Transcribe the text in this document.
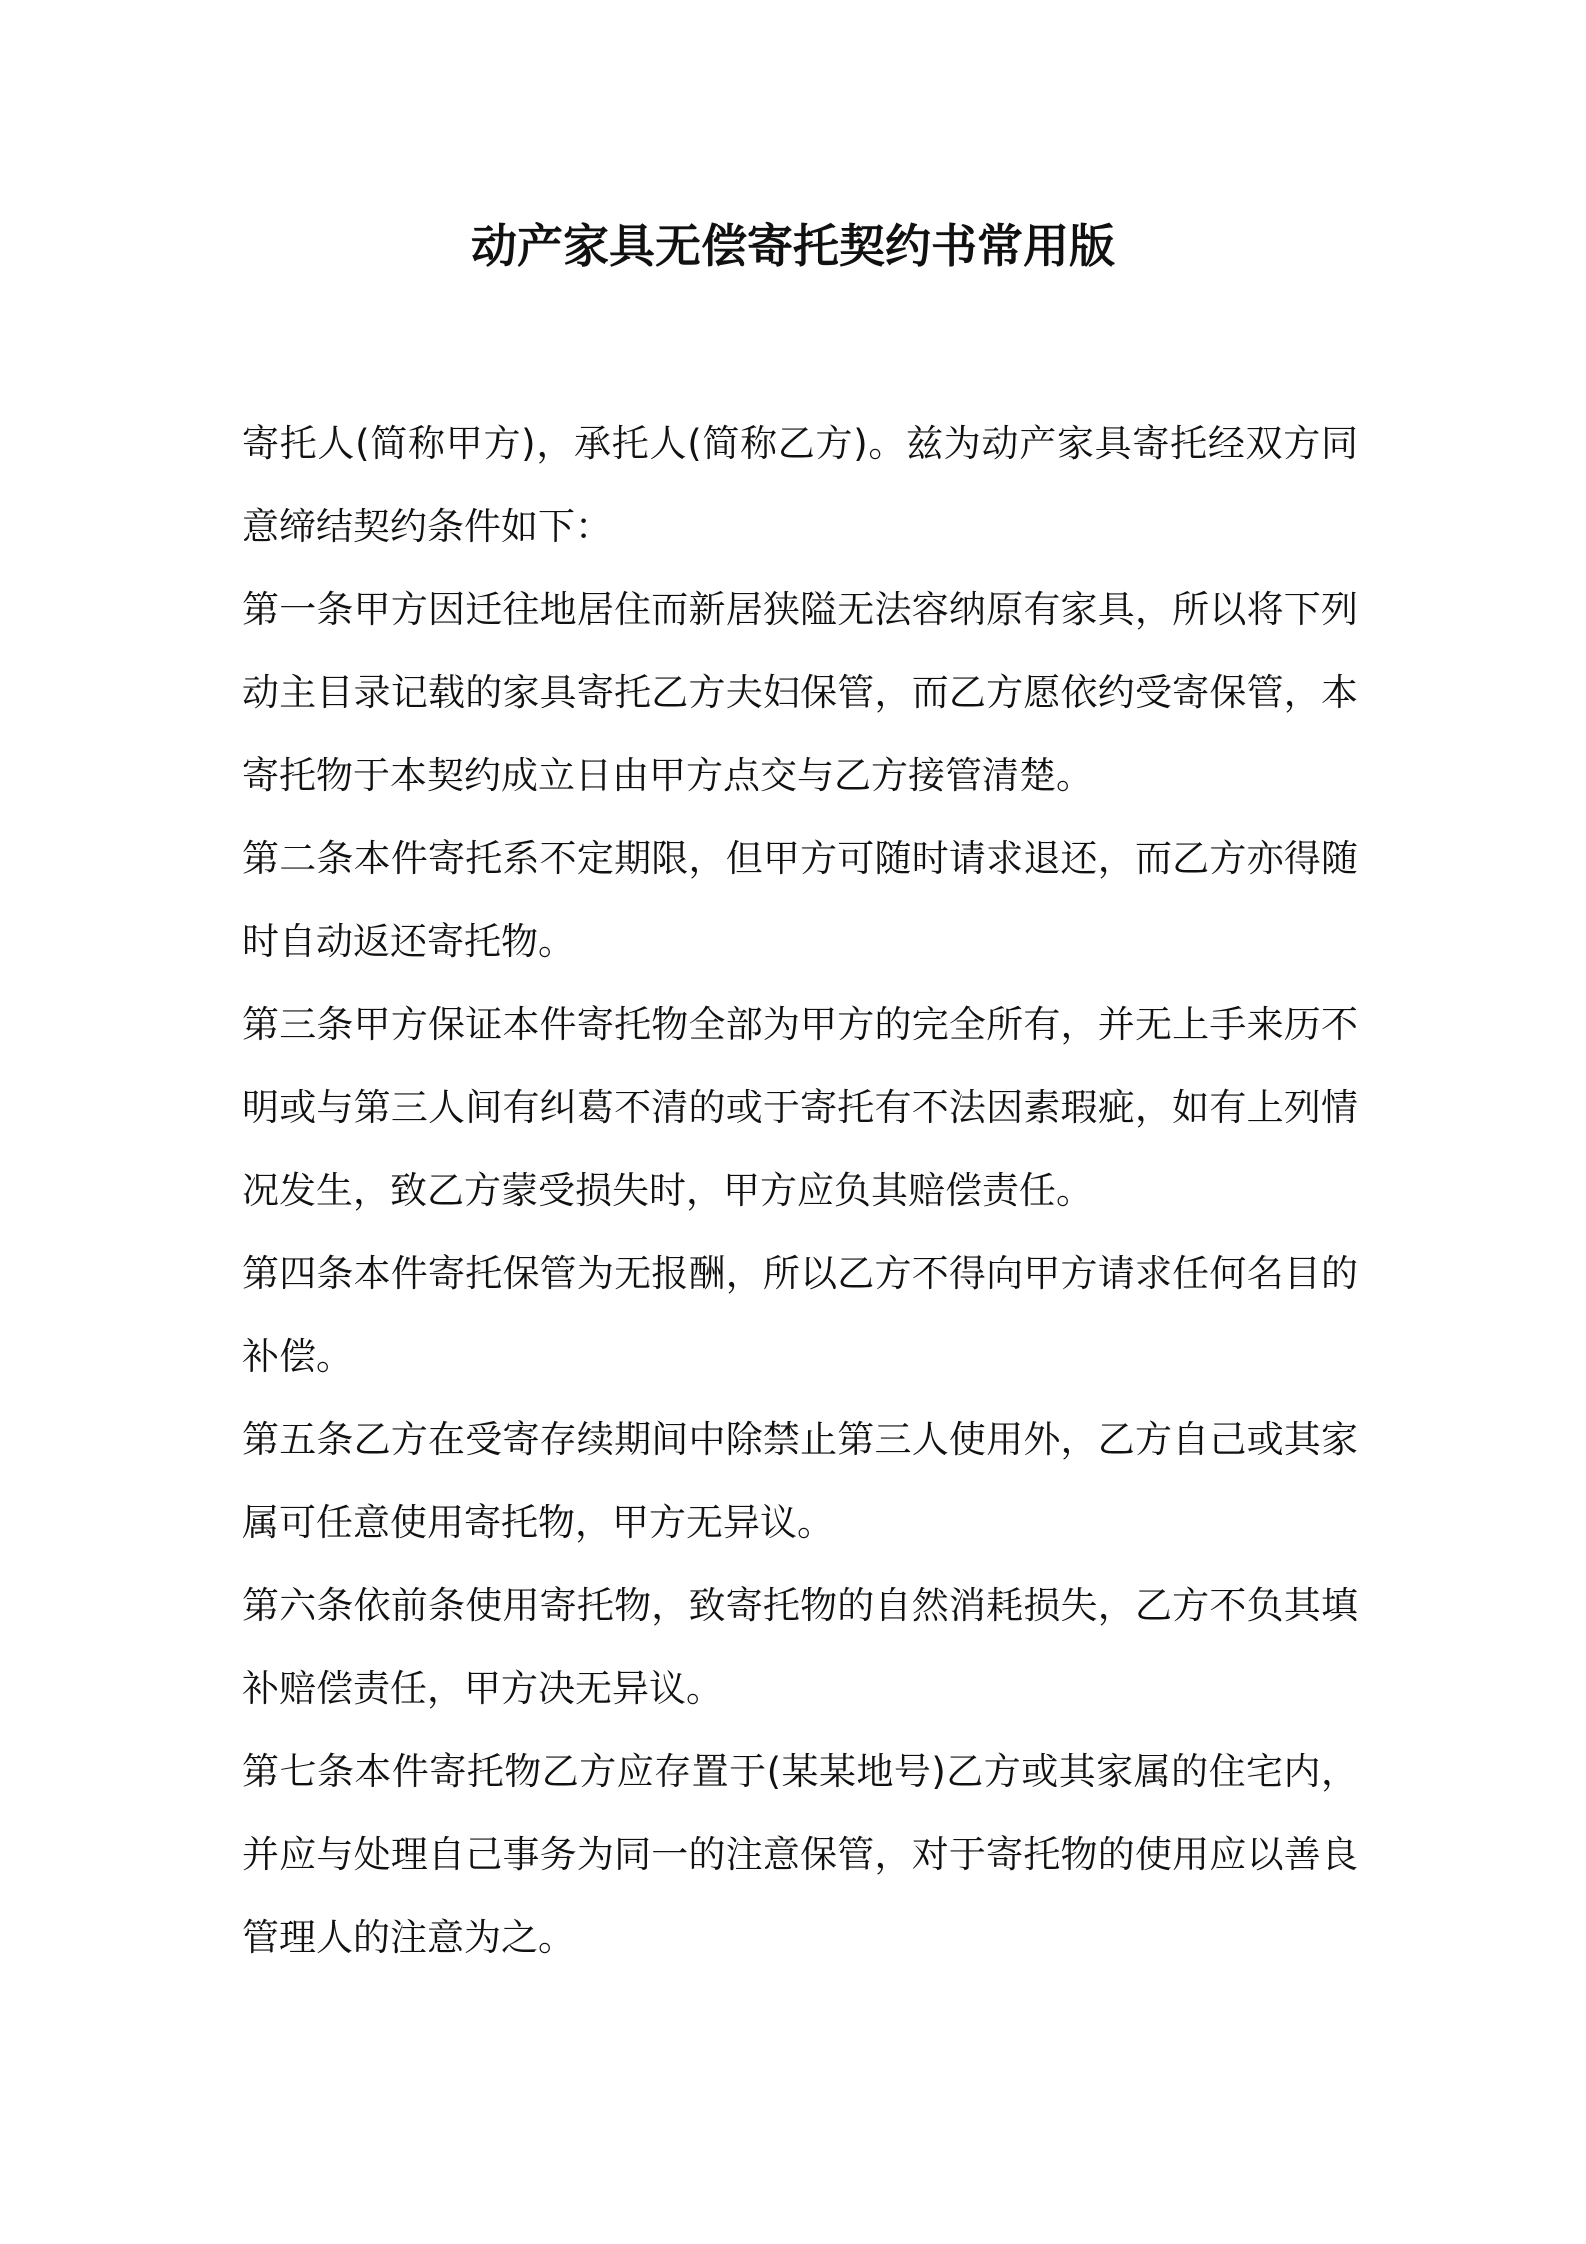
动产家具无偿寄托契约书常用版

寄托人(简称甲方)，承托人(简称乙方)。兹为动产家具寄托经双方同意缔结契约条件如下：

第一条甲方因迁往地居住而新居狭隘无法容纳原有家具，所以将下列动主目录记载的家具寄托乙方夫妇保管，而乙方愿依约受寄保管，本寄托物于本契约成立日由甲方点交与乙方接管清楚。

第二条本件寄托系不定期限，但甲方可随时请求退还，而乙方亦得随时自动返还寄托物。

第三条甲方保证本件寄托物全部为甲方的完全所有，并无上手来历不明或与第三人间有纠葛不清的或于寄托有不法因素瑕疵，如有上列情况发生，致乙方蒙受损失时，甲方应负其赔偿责任。

第四条本件寄托保管为无报酬，所以乙方不得向甲方请求任何名目的补偿。

第五条乙方在受寄存续期间中除禁止第三人使用外，乙方自己或其家属可任意使用寄托物，甲方无异议。

第六条依前条使用寄托物，致寄托物的自然消耗损失，乙方不负其填补赔偿责任，甲方决无异议。

第七条本件寄托物乙方应存置于(某某地号)乙方或其家属的住宅内，并应与处理自己事务为同一的注意保管，对于寄托物的使用应以善良管理人的注意为之。
